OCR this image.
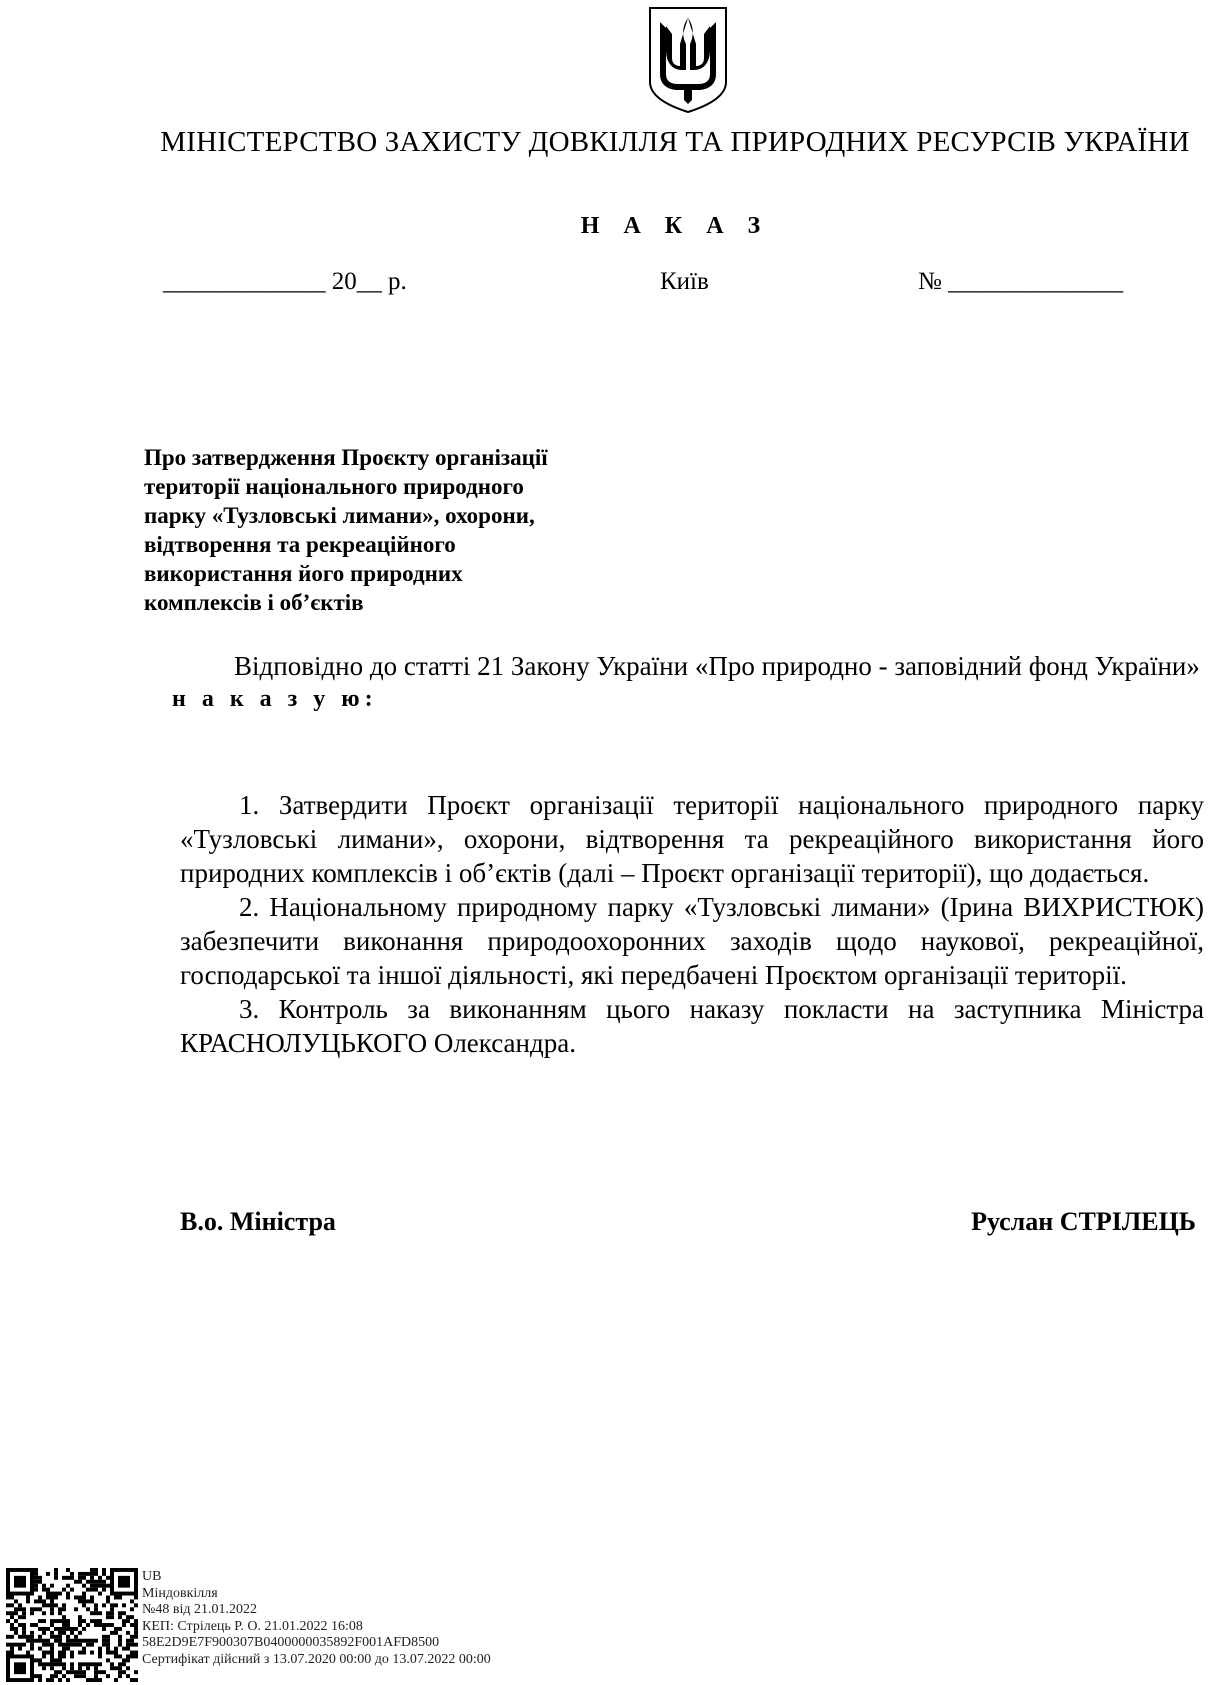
МІНІСТЕРСТВО ЗАХИСТУ ДОВКІЛЛЯ ТА ПРИРОДНИХ РЕСУРСІВ УКРАЇНИ
Н А К А З
_____________ 20__ р.	Київ	№ ______________
Про затвердження Проєкту організації
території національного природного
парку «Тузловські лимани», охорони,
відтворення та рекреаційного
використання його природних
комплексів і об’єктів
Відповідно до статті 21 Закону України «Про природно - заповідний фонд України»
н а к а з у ю:

1. Затвердити Проєкт організації території національного природного парку «Тузловські лимани», охорони, відтворення та рекреаційного використання його природних комплексів і об’єктів (далі – Проєкт організації території), що додається.

2. Національному природному парку «Тузловські лимани» (Ірина ВИХРИСТЮК) забезпечити виконання природоохоронних заходів щодо наукової, рекреаційної, господарської та іншої діяльності, які передбачені Проєктом організації території.

3. Контроль за виконанням цього наказу покласти на заступника Міністра КРАСНОЛУЦЬКОГО Олександра.

В.о. Міністра	Руслан СТРІЛЕЦЬ
UB
Міндовкілля
№48 від 21.01.2022
КЕП: Стрілець Р. О. 21.01.2022 16:08
58E2D9E7F900307B0400000035892F001AFD8500
Сертифікат дійсний з 13.07.2020 00:00 до 13.07.2022 00:00
